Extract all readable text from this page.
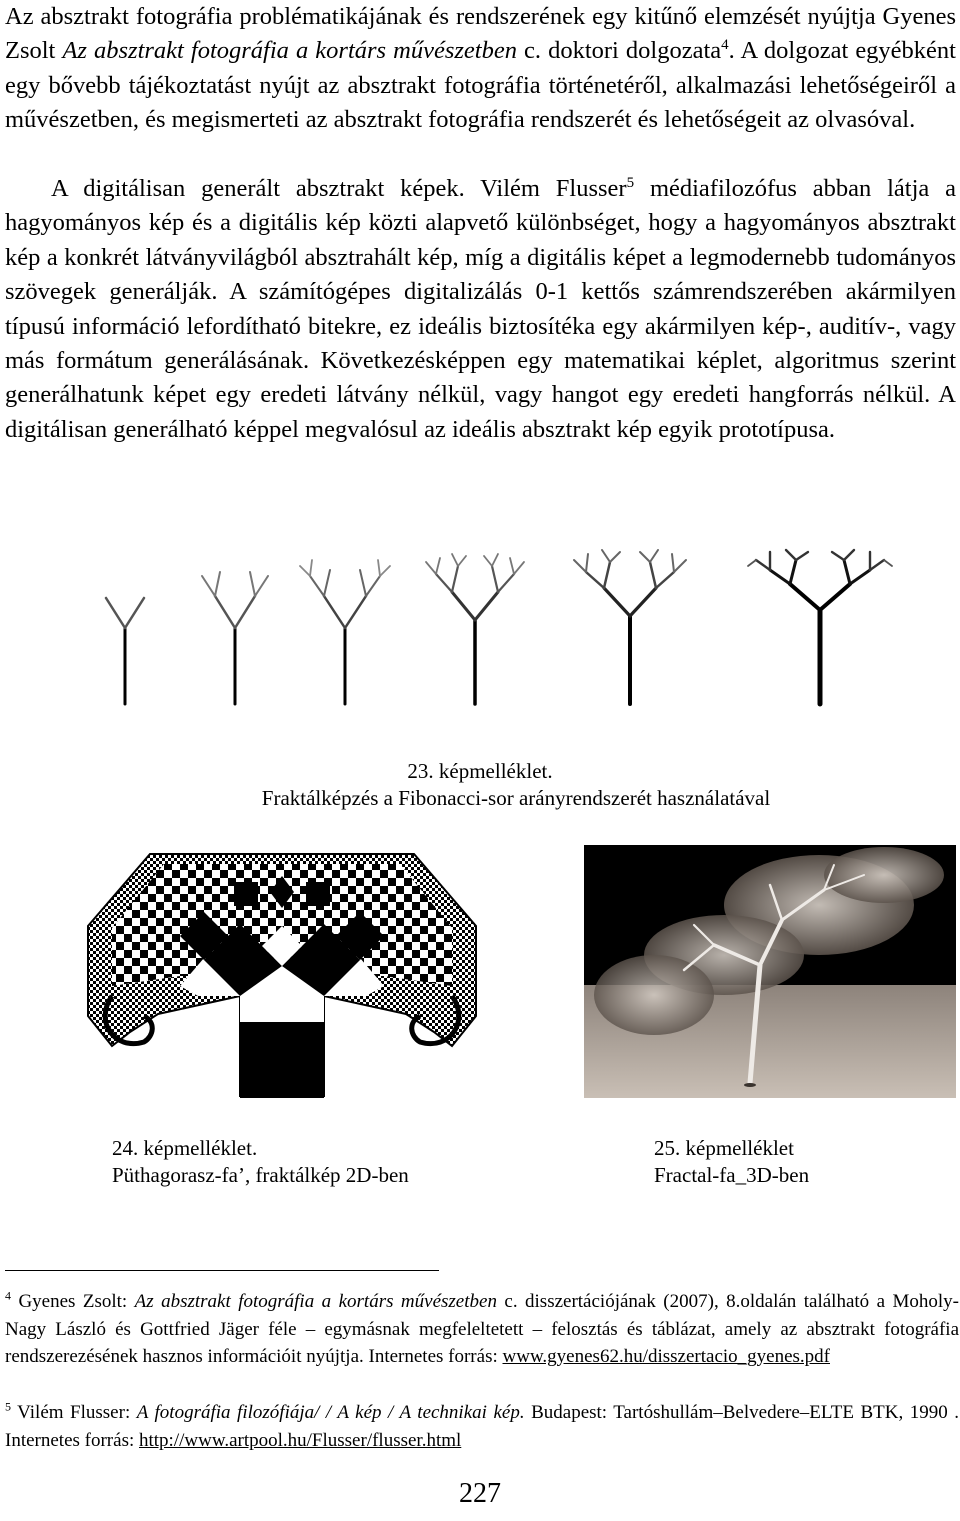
Az absztrakt fotográfia problématikájának és rendszerének egy kitűnő elemzését nyújtja Gyenes Zsolt Az absztrakt fotográfia a kortárs művészetben c. doktori dolgozata$^4$. A dolgozat egyébként egy bővebb tájékoztatást nyújt az absztrakt fotográfia történetéről, alkalmazási lehetőségeiről a művészetben, és megismerteti az absztrakt fotográfia rendszerét és lehetőségeit az olvasóval.

A digitálisan generált absztrakt képek. Vilém Flusser$^5$ médiafilozófus abban látja a hagyományos kép és a digitális kép közti alapvető különbséget, hogy a hagyományos absztrakt kép a konkrét látványvilágból absztrahált kép, míg a digitális képet a legmodernebb tudományos szövegek generálják. A számítógépes digitalizálás 0-1 kettős számrendszerében akármilyen típusú információ lefordítható bitekre, ez ideális biztosítéka egy akármilyen kép-, auditív-, vagy más formátum generálásának. Következésképpen egy matematikai képlet, algoritmus szerint generálhatunk képet egy eredeti látvány nélkül, vagy hangot egy eredeti hangforrás nélkül. A digitálisan generálható képpel megvalósul az ideális absztrakt kép egyik prototípusa.

23. képmelléklet.

Fraktálképzés a Fibonacci-sor arányrendszerét használatával

24. képmelléklet.

Püthagorasz-fa’, fraktálkép 2D-ben

25. képmelléklet

Fractal-fa_3D-ben

$^4$ Gyenes Zsolt: Az absztrakt fotográfia a kortárs művészetben c. disszertációjának (2007), 8.oldalán található a Moholy-Nagy László és Gottfried Jäger féle – egymásnak megfeleltetett – felosztás és táblázat, amely az absztrakt fotográfia rendszerezésének hasznos információit nyújtja. Internetes forrás: www.gyenes62.hu/disszertacio_gyenes.pdf

$^5$ Vilém Flusser: A fotográfia filozófiája/ / A kép / A technikai kép. Budapest: Tartóshullám–Belvedere–ELTE BTK, 1990 . Internetes forrás: http://www.artpool.hu/Flusser/flusser.html

227
